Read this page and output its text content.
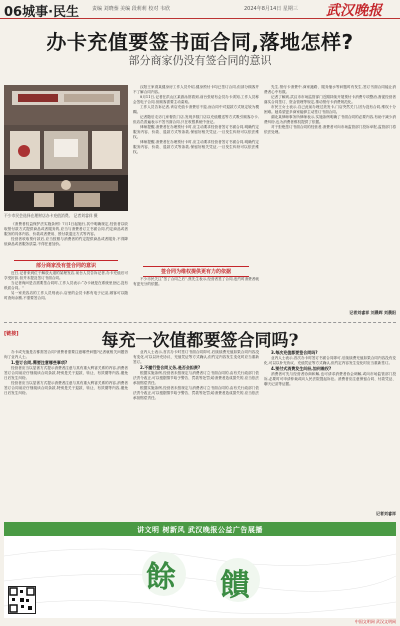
06城事·民生	责编 刘晓蓥 美编 段莉莉 校对 韦欣	2024年8月14日 星期三 武汉晚报
办卡充值要签书面合同,落地怎样?
部分商家仍没有签合同的意识
不少市民会选择在理财店办卡充值消费。 记者刘睿祥 摄

《消费者权益保护法实施条例》7月1日起施行,其中明确规定,经营者以收取预付款方式提供商品或者服务的,应当与消费者订立书面合同,约定商品或者服务的具体内容、价款或者费用、预付款退还方式等内容。

经营者收取预付款后,应当按照与消费者的约定提供商品或者服务,不得降低商品或者服务质量,不得任意加价。

部分商家没有签合同的意识

近日,记者来到位于解放大道的某理发店,前台人员告诉记者,办卡充值后可享受折扣,但并未提及签订书面合同。

当记者询问是否需要签合同时,工作人员表示:“办卡就是在系统里登记,没有纸质合同。”

另一家美容店的工作人员则表示,店里的会员卡都有电子记录,顾客可以随时查询余额,不需要签合同。

汉阳王家湾某健身房工作人员介绍,健身预付卡均已签订合同,但部分顾客并不了解合同内容。

8月11日,记者在洪山区某游泳馆看到,前台张贴有会员办卡须知,工作人员称会签电子合同,但顾客需要主动索取。

工作人员告诉记者,该店充值卡消费后不退,而合同中对退款方式规定较为模糊。

记者随后走访几家餐饮门店,发现多数门店以充值赠送等方式吸引顾客办卡,但店员普遍表示不签书面合同,只在收银系统中登记。

律师提醒,消费者在办理预付卡时,应主动要求经营者签订书面合同,明确约定服务内容、价款、退款方式等条款,保留好相关凭证,一旦发生纠纷可以依法维权。

律师提醒,消费者在办理预付卡时,应主动要求经营者签订书面合同,明确约定服务内容、价款、退款方式等条款,保留好相关凭证,一旦发生纠纷可以依法维权。

签合同为维权提供更有力的依据

不少市民关注“签了合同之后”,焦先生表示,经营者签了合同,违约时消费者就有更充分的依据。

先生,预付卡消费中,商家跑路、服务缩水等问题时有发生,签订书面合同能让消费者心中有数。

记者了解到,武汉市市场监管部门近期持续开展预付卡消费专项整治,督促经营者落实合同签订、资金管理等规定,推动预付卡消费规范化。

市民王女士表示,自己此前办理过美发卡,门店突然关门,因为没有合同,维权十分困难。她希望更多商家能够主动签订书面合同。

湖北某律师事务所律师表示,实施条例明确了书面合同的必要内容,有助于减少消费纠纷,也为消费者维权提供了依据。

对于拒绝签订书面合同的经营者,消费者可向市场监管部门投诉举报,监管部门将依法处理。

记者刘睿祥 刘晨晖 刘晨阳
[链接]	每充一次值都要签合同吗?

办卡或充值是否都需签合同?消费者需要注意哪些问题?记者就相关问题咨询了业内人士。

1.签订合同,需要注意哪些事项?

经营者应当以显著方式提示消费者注意与其有重大利害关系的内容,消费者签订合同前应仔细阅读合同条款,特别是关于退款、转让、有效期等内容,避免日后发生纠纷。

经营者应当以显著方式提示消费者注意与其有重大利害关系的内容,消费者签订合同前应仔细阅读合同条款,特别是关于退款、转让、有效期等内容,避免日后发生纠纷。

业内人士表示,首次办卡时签订书面合同即可,后续续费充值如果合同内容没有变化,可以以补充协议、充值凭证等方式确认,但约定内容发生变化时应当重新签订。

2.不履行签合同义务,是否会担责?

根据实施条例,经营者未按规定与消费者订立书面合同的,由有关行政部门依法责令改正,可以根据情节给予警告、罚款等处罚;给消费者造成损失的,应当依法承担赔偿责任。

根据实施条例,经营者未按规定与消费者订立书面合同的,由有关行政部门依法责令改正,可以根据情节给予警告、罚款等处罚;给消费者造成损失的,应当依法承担赔偿责任。

3.每次充值都要签合同吗?

业内人士表示,首次办卡时签订书面合同即可,后续续费充值如果合同内容没有变化,可以以补充协议、充值凭证等方式确认,但约定内容发生变化时应当重新签订。

4.预付式消费发生纠纷,如何维权?

消费者可先与经营者协商和解,也可请求消费者协会调解,或向市场监管部门投诉,必要时可申请仲裁或向人民法院提起诉讼。消费者应注意保留合同、付款凭证、聊天记录等证据。

记者刘睿祥
讲文明 树新风 武汉晚报公益广告展播
餘 饋
中国文明网 武汉文明网
